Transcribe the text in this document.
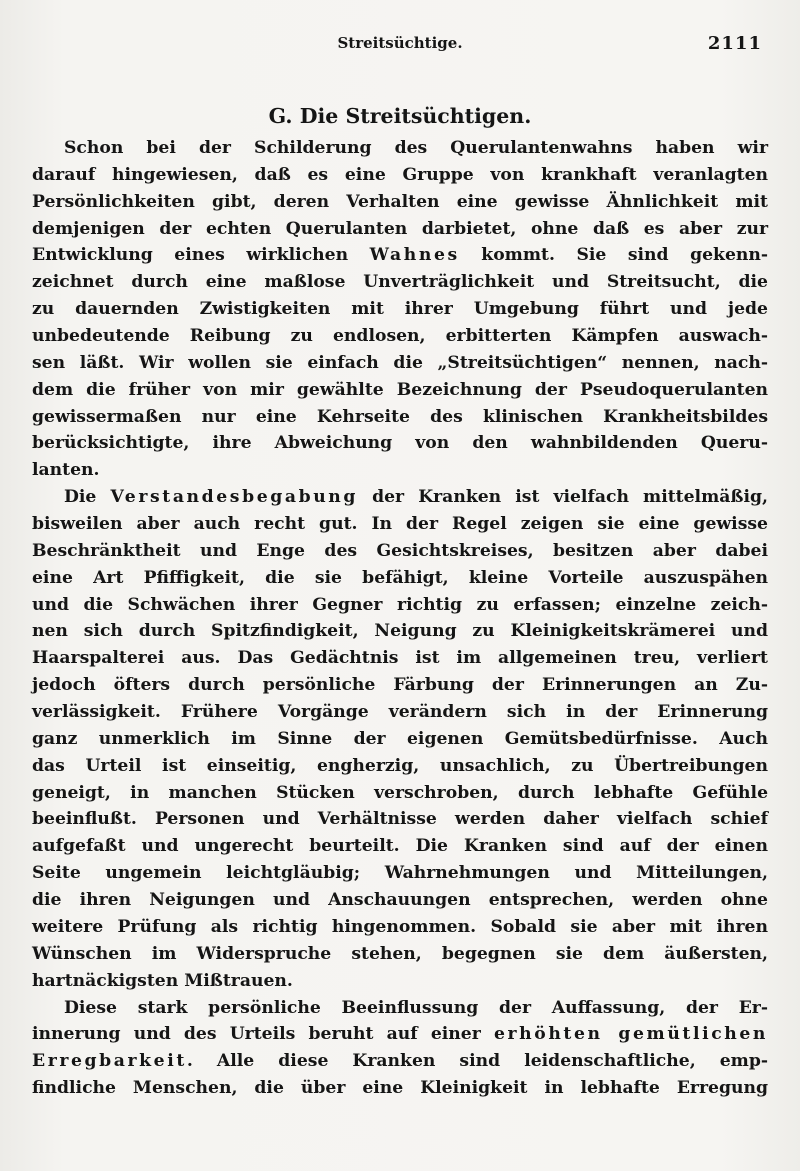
Streitsüchtige.	2111
G. Die Streitsüchtigen.
Schon bei der Schilderung des Querulantenwahns haben wir
darauf hingewiesen, daß es eine Gruppe von krankhaft veranlagten
Persönlichkeiten gibt, deren Verhalten eine gewisse Ähnlichkeit mit
demjenigen der echten Querulanten darbietet, ohne daß es aber zur
Entwicklung eines wirklichen Wahnes kommt. Sie sind gekenn-
zeichnet durch eine maßlose Unverträglichkeit und Streitsucht, die
zu dauernden Zwistigkeiten mit ihrer Umgebung führt und jede
unbedeutende Reibung zu endlosen, erbitterten Kämpfen auswach-
sen läßt. Wir wollen sie einfach die „Streitsüchtigen“ nennen, nach-
dem die früher von mir gewählte Bezeichnung der Pseudoquerulanten
gewissermaßen nur eine Kehrseite des klinischen Krankheitsbildes
berücksichtigte, ihre Abweichung von den wahnbildenden Queru-
lanten.
Die Verstandesbegabung der Kranken ist vielfach mittelmäßig,
bisweilen aber auch recht gut. In der Regel zeigen sie eine gewisse
Beschränktheit und Enge des Gesichtskreises, besitzen aber dabei
eine Art Pfiffigkeit, die sie befähigt, kleine Vorteile auszuspähen
und die Schwächen ihrer Gegner richtig zu erfassen; einzelne zeich-
nen sich durch Spitzfindigkeit, Neigung zu Kleinigkeitskrämerei und
Haarspalterei aus. Das Gedächtnis ist im allgemeinen treu, verliert
jedoch öfters durch persönliche Färbung der Erinnerungen an Zu-
verlässigkeit. Frühere Vorgänge verändern sich in der Erinnerung
ganz unmerklich im Sinne der eigenen Gemütsbedürfnisse. Auch
das Urteil ist einseitig, engherzig, unsachlich, zu Übertreibungen
geneigt, in manchen Stücken verschroben, durch lebhafte Gefühle
beeinflußt. Personen und Verhältnisse werden daher vielfach schief
aufgefaßt und ungerecht beurteilt. Die Kranken sind auf der einen
Seite ungemein leichtgläubig; Wahrnehmungen und Mitteilungen,
die ihren Neigungen und Anschauungen entsprechen, werden ohne
weitere Prüfung als richtig hingenommen. Sobald sie aber mit ihren
Wünschen im Widerspruche stehen, begegnen sie dem äußersten,
hartnäckigsten Mißtrauen.
Diese stark persönliche Beeinflussung der Auffassung, der Er-
innerung und des Urteils beruht auf einer erhöhten gemütlichen
Erregbarkeit. Alle diese Kranken sind leidenschaftliche, emp-
findliche Menschen, die über eine Kleinigkeit in lebhafte Erregung
